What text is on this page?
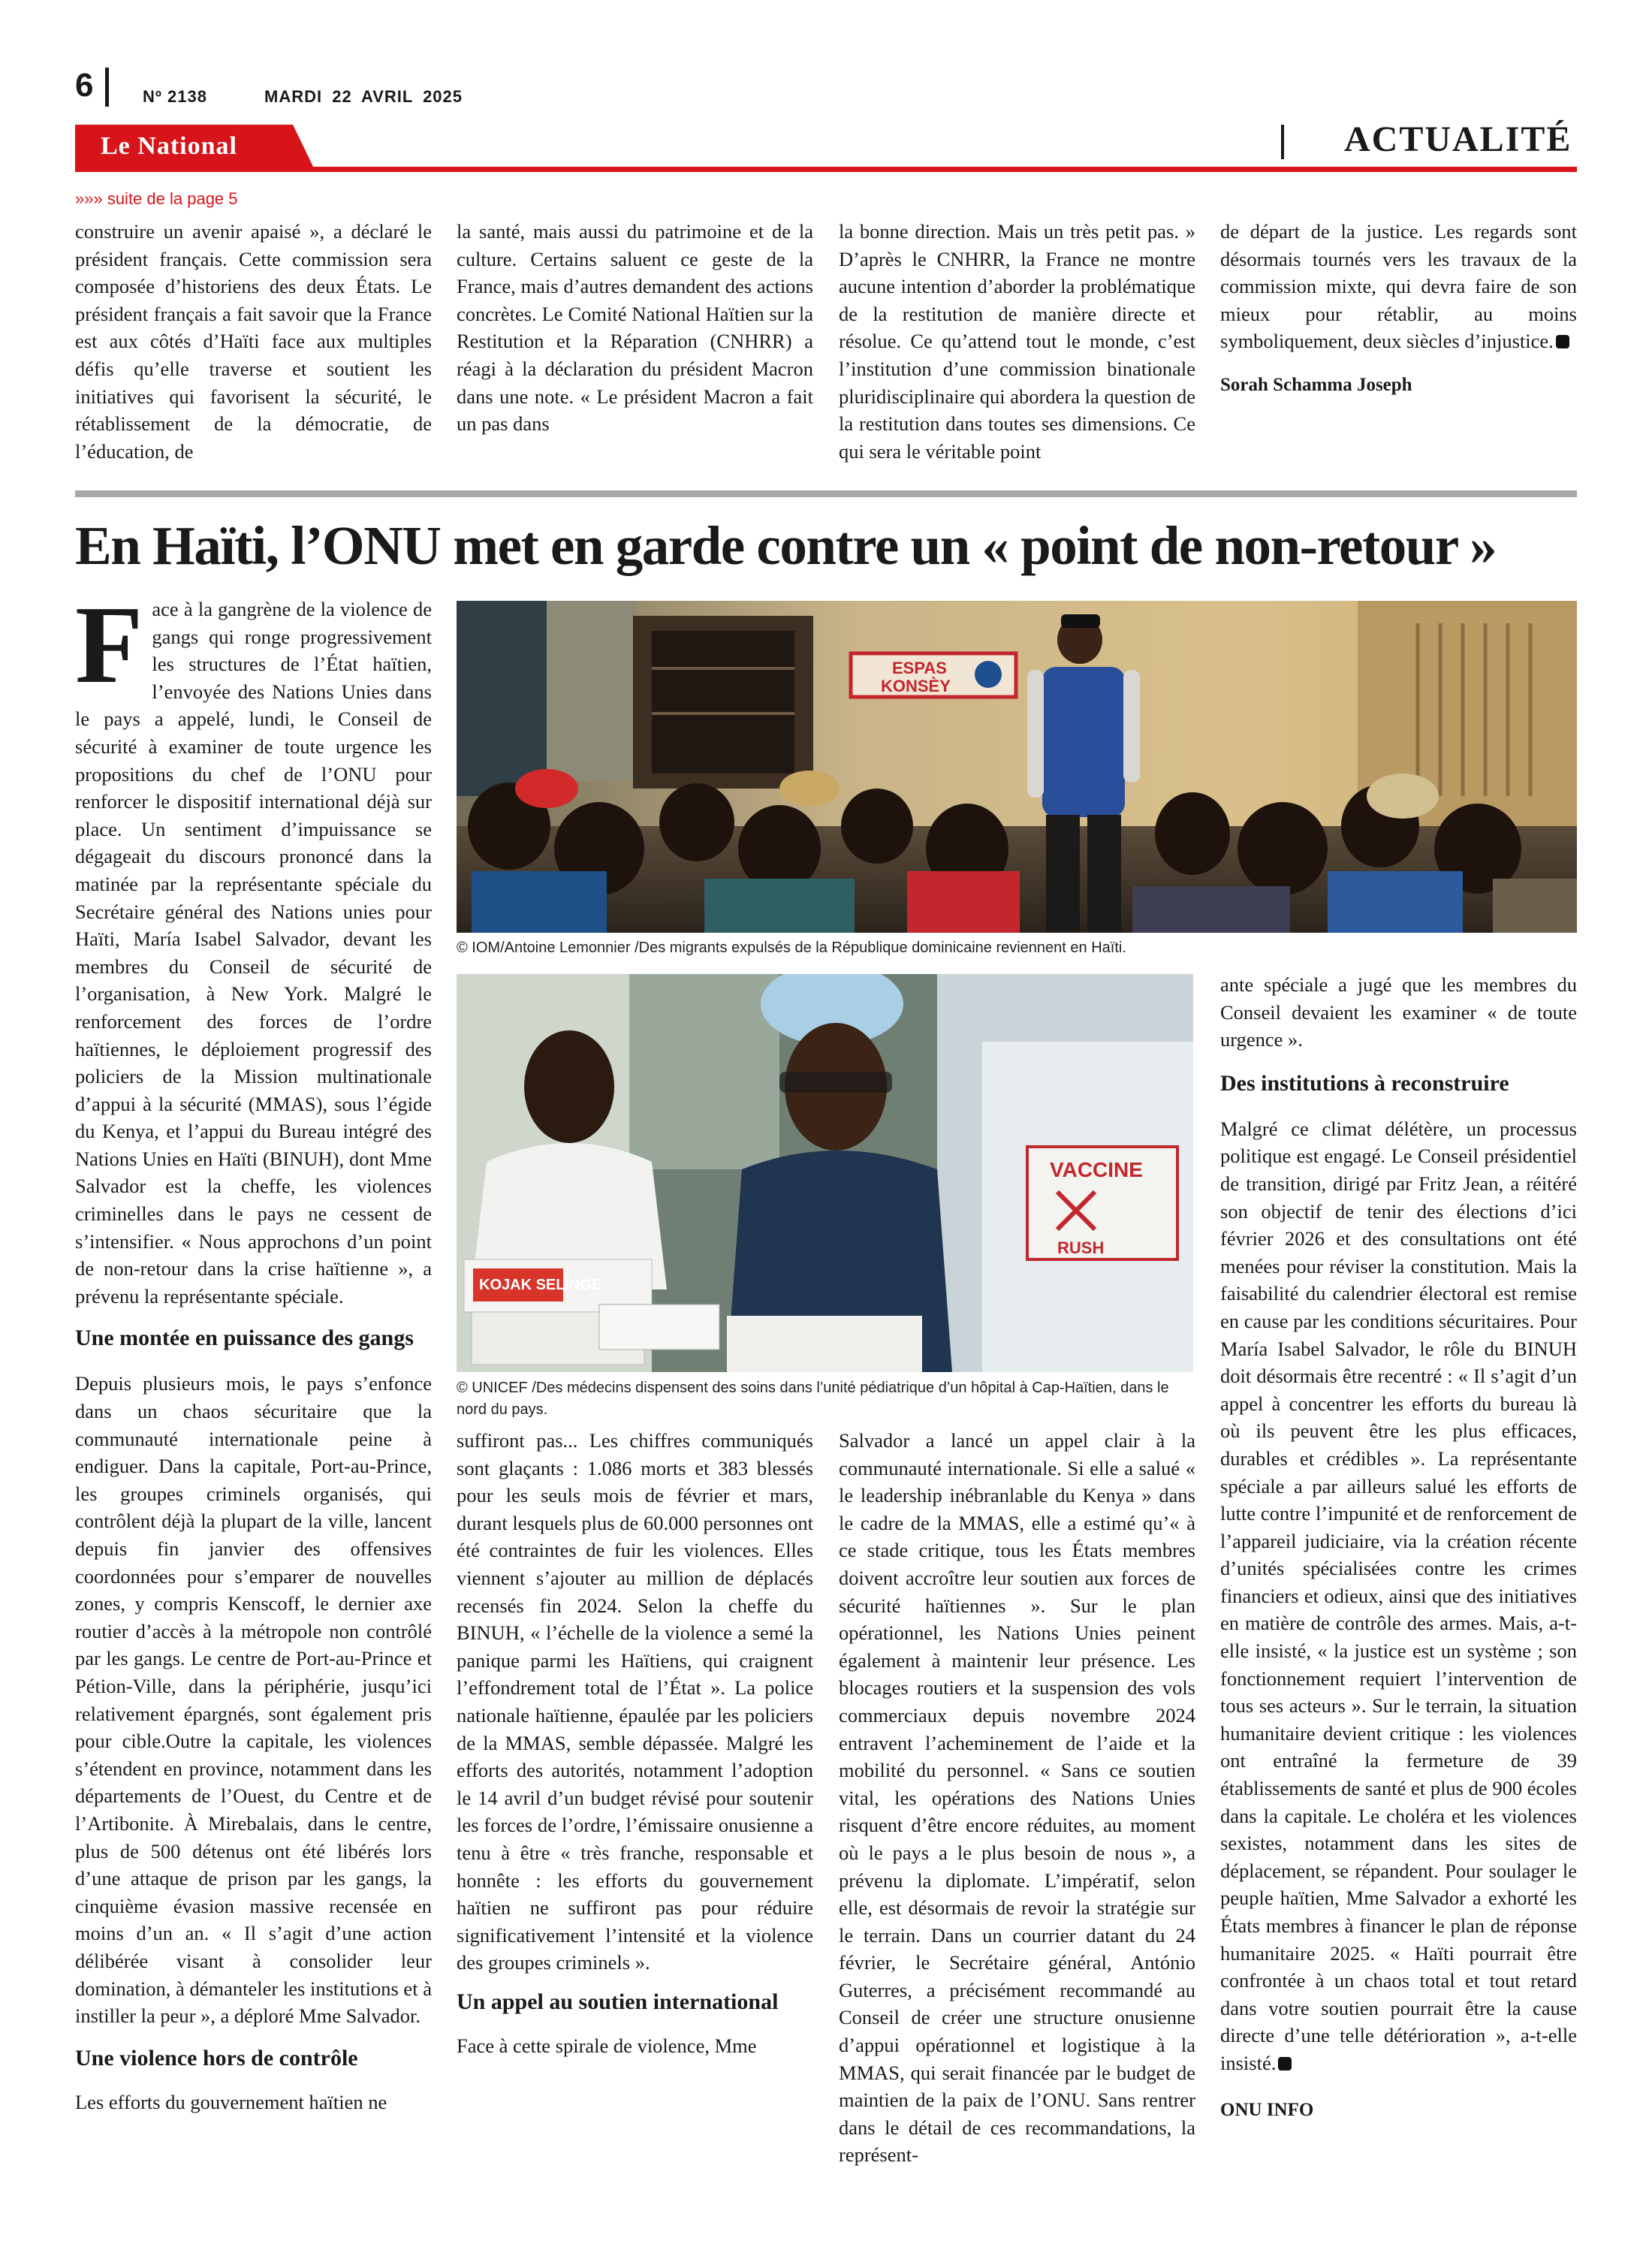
6	Nº 2138	MARDI 22 AVRIL 2025
Le National	ACTUALITÉ
»»» suite de la page 5

construire un avenir apaisé », a déclaré le président français. Cette commission sera composée d’historiens des deux États. Le président français a fait savoir que la France est aux côtés d’Haïti face aux multiples défis qu’elle traverse et soutient les initiatives qui favorisent la sécurité, le rétablissement de la démocratie, de l’éducation, de

la santé, mais aussi du patrimoine et de la culture. Certains saluent ce geste de la France, mais d’autres demandent des actions concrètes. Le Comité National Haïtien sur la Restitution et la Réparation (CNHRR) a réagi à la déclaration du président Macron dans une note. « Le président Macron a fait un pas dans

la bonne direction. Mais un très petit pas. » D’après le CNHRR, la France ne montre aucune intention d’aborder la problématique de la restitution de manière directe et résolue. Ce qu’attend tout le monde, c’est l’institution d’une commission binationale pluridisciplinaire qui abordera la question de la restitution dans toutes ses dimensions. Ce qui sera le véritable point

de départ de la justice. Les regards sont désormais tournés vers les travaux de la commission mixte, qui devra faire de son mieux pour rétablir, au moins symboliquement, deux siècles d’injustice.

Sorah Schamma Joseph

En Haïti, l’ONU met en garde contre un « point de non-retour »
ESPAS
KONSÈY
© IOM/Antoine Lemonnier /Des migrants expulsés de la République dominicaine reviennent en Haïti.
VACCINE
RUSH
KOJAK SELINGE
© UNICEF /Des médecins dispensent des soins dans l’unité pédiatrique d’un hôpital à Cap-Haïtien, dans le nord du pays.

Face à la gangrène de la violence de gangs qui ronge progressivement les structures de l’État haïtien, l’envoyée des Nations Unies dans le pays a appelé, lundi, le Conseil de sécurité à examiner de toute urgence les propositions du chef de l’ONU pour renforcer le dispositif international déjà sur place. Un sentiment d’impuissance se dégageait du discours prononcé dans la matinée par la représentante spéciale du Secrétaire général des Nations unies pour Haïti, María Isabel Salvador, devant les membres du Conseil de sécurité de l’organisation, à New York. Malgré le renforcement des forces de l’ordre haïtiennes, le déploiement progressif des policiers de la Mission multinationale d’appui à la sécurité (MMAS), sous l’égide du Kenya, et l’appui du Bureau intégré des Nations Unies en Haïti (BINUH), dont Mme Salvador est la cheffe, les violences criminelles dans le pays ne cessent de s’intensifier. « Nous approchons d’un point de non-retour dans la crise haïtienne », a prévenu la représentante spéciale.

Une montée en puissance des gangs

Depuis plusieurs mois, le pays s’enfonce dans un chaos sécuritaire que la communauté internationale peine à endiguer. Dans la capitale, Port-au-Prince, les groupes criminels organisés, qui contrôlent déjà la plupart de la ville, lancent depuis fin janvier des offensives coordonnées pour s’emparer de nouvelles zones, y compris Kenscoff, le dernier axe routier d’accès à la métropole non contrôlé par les gangs. Le centre de Port-au-Prince et Pétion-Ville, dans la périphérie, jusqu’ici relativement épargnés, sont également pris pour cible.Outre la capitale, les violences s’étendent en province, notamment dans les départements de l’Ouest, du Centre et de l’Artibonite. À Mirebalais, dans le centre, plus de 500 détenus ont été libérés lors d’une attaque de prison par les gangs, la cinquième évasion massive recensée en moins d’un an. « Il s’agit d’une action délibérée visant à consolider leur domination, à démanteler les institutions et à instiller la peur », a déploré Mme Salvador.

Une violence hors de contrôle

Les efforts du gouvernement haïtien ne

suffiront pas... Les chiffres communiqués sont glaçants : 1.086 morts et 383 blessés pour les seuls mois de février et mars, durant lesquels plus de 60.000 personnes ont été contraintes de fuir les violences. Elles viennent s’ajouter au million de déplacés recensés fin 2024. Selon la cheffe du BINUH, « l’échelle de la violence a semé la panique parmi les Haïtiens, qui craignent l’effondrement total de l’État ». La police nationale haïtienne, épaulée par les policiers de la MMAS, semble dépassée. Malgré les efforts des autorités, notamment l’adoption le 14 avril d’un budget révisé pour soutenir les forces de l’ordre, l’émissaire onusienne a tenu à être « très franche, responsable et honnête : les efforts du gouvernement haïtien ne suffiront pas pour réduire significativement l’intensité et la violence des groupes criminels ».

Un appel au soutien international

Face à cette spirale de violence, Mme

Salvador a lancé un appel clair à la communauté internationale. Si elle a salué « le leadership inébranlable du Kenya » dans le cadre de la MMAS, elle a estimé qu’« à ce stade critique, tous les États membres doivent accroître leur soutien aux forces de sécurité haïtiennes ». Sur le plan opérationnel, les Nations Unies peinent également à maintenir leur présence. Les blocages routiers et la suspension des vols commerciaux depuis novembre 2024 entravent l’acheminement de l’aide et la mobilité du personnel. « Sans ce soutien vital, les opérations des Nations Unies risquent d’être encore réduites, au moment où le pays a le plus besoin de nous », a prévenu la diplomate. L’impératif, selon elle, est désormais de revoir la stratégie sur le terrain. Dans un courrier datant du 24 février, le Secrétaire général, António Guterres, a précisément recommandé au Conseil de créer une structure onusienne d’appui opérationnel et logistique à la MMAS, qui serait financée par le budget de maintien de la paix de l’ONU. Sans rentrer dans le détail de ces recommandations, la représent-

ante spéciale a jugé que les membres du Conseil devaient les examiner « de toute urgence ».

Des institutions à reconstruire

Malgré ce climat délétère, un processus politique est engagé. Le Conseil présidentiel de transition, dirigé par Fritz Jean, a réitéré son objectif de tenir des élections d’ici février 2026 et des consultations ont été menées pour réviser la constitution. Mais la faisabilité du calendrier électoral est remise en cause par les conditions sécuritaires. Pour María Isabel Salvador, le rôle du BINUH doit désormais être recentré : « Il s’agit d’un appel à concentrer les efforts du bureau là où ils peuvent être les plus efficaces, durables et crédibles ». La représentante spéciale a par ailleurs salué les efforts de lutte contre l’impunité et de renforcement de l’appareil judiciaire, via la création récente d’unités spécialisées contre les crimes financiers et odieux, ainsi que des initiatives en matière de contrôle des armes. Mais, a-t-elle insisté, « la justice est un système ; son fonctionnement requiert l’intervention de tous ses acteurs ». Sur le terrain, la situation humanitaire devient critique : les violences ont entraîné la fermeture de 39 établissements de santé et plus de 900 écoles dans la capitale. Le choléra et les violences sexistes, notamment dans les sites de déplacement, se répandent. Pour soulager le peuple haïtien, Mme Salvador a exhorté les États membres à financer le plan de réponse humanitaire 2025. « Haïti pourrait être confrontée à un chaos total et tout retard dans votre soutien pourrait être la cause directe d’une telle détérioration », a-t-elle insisté.

ONU INFO
